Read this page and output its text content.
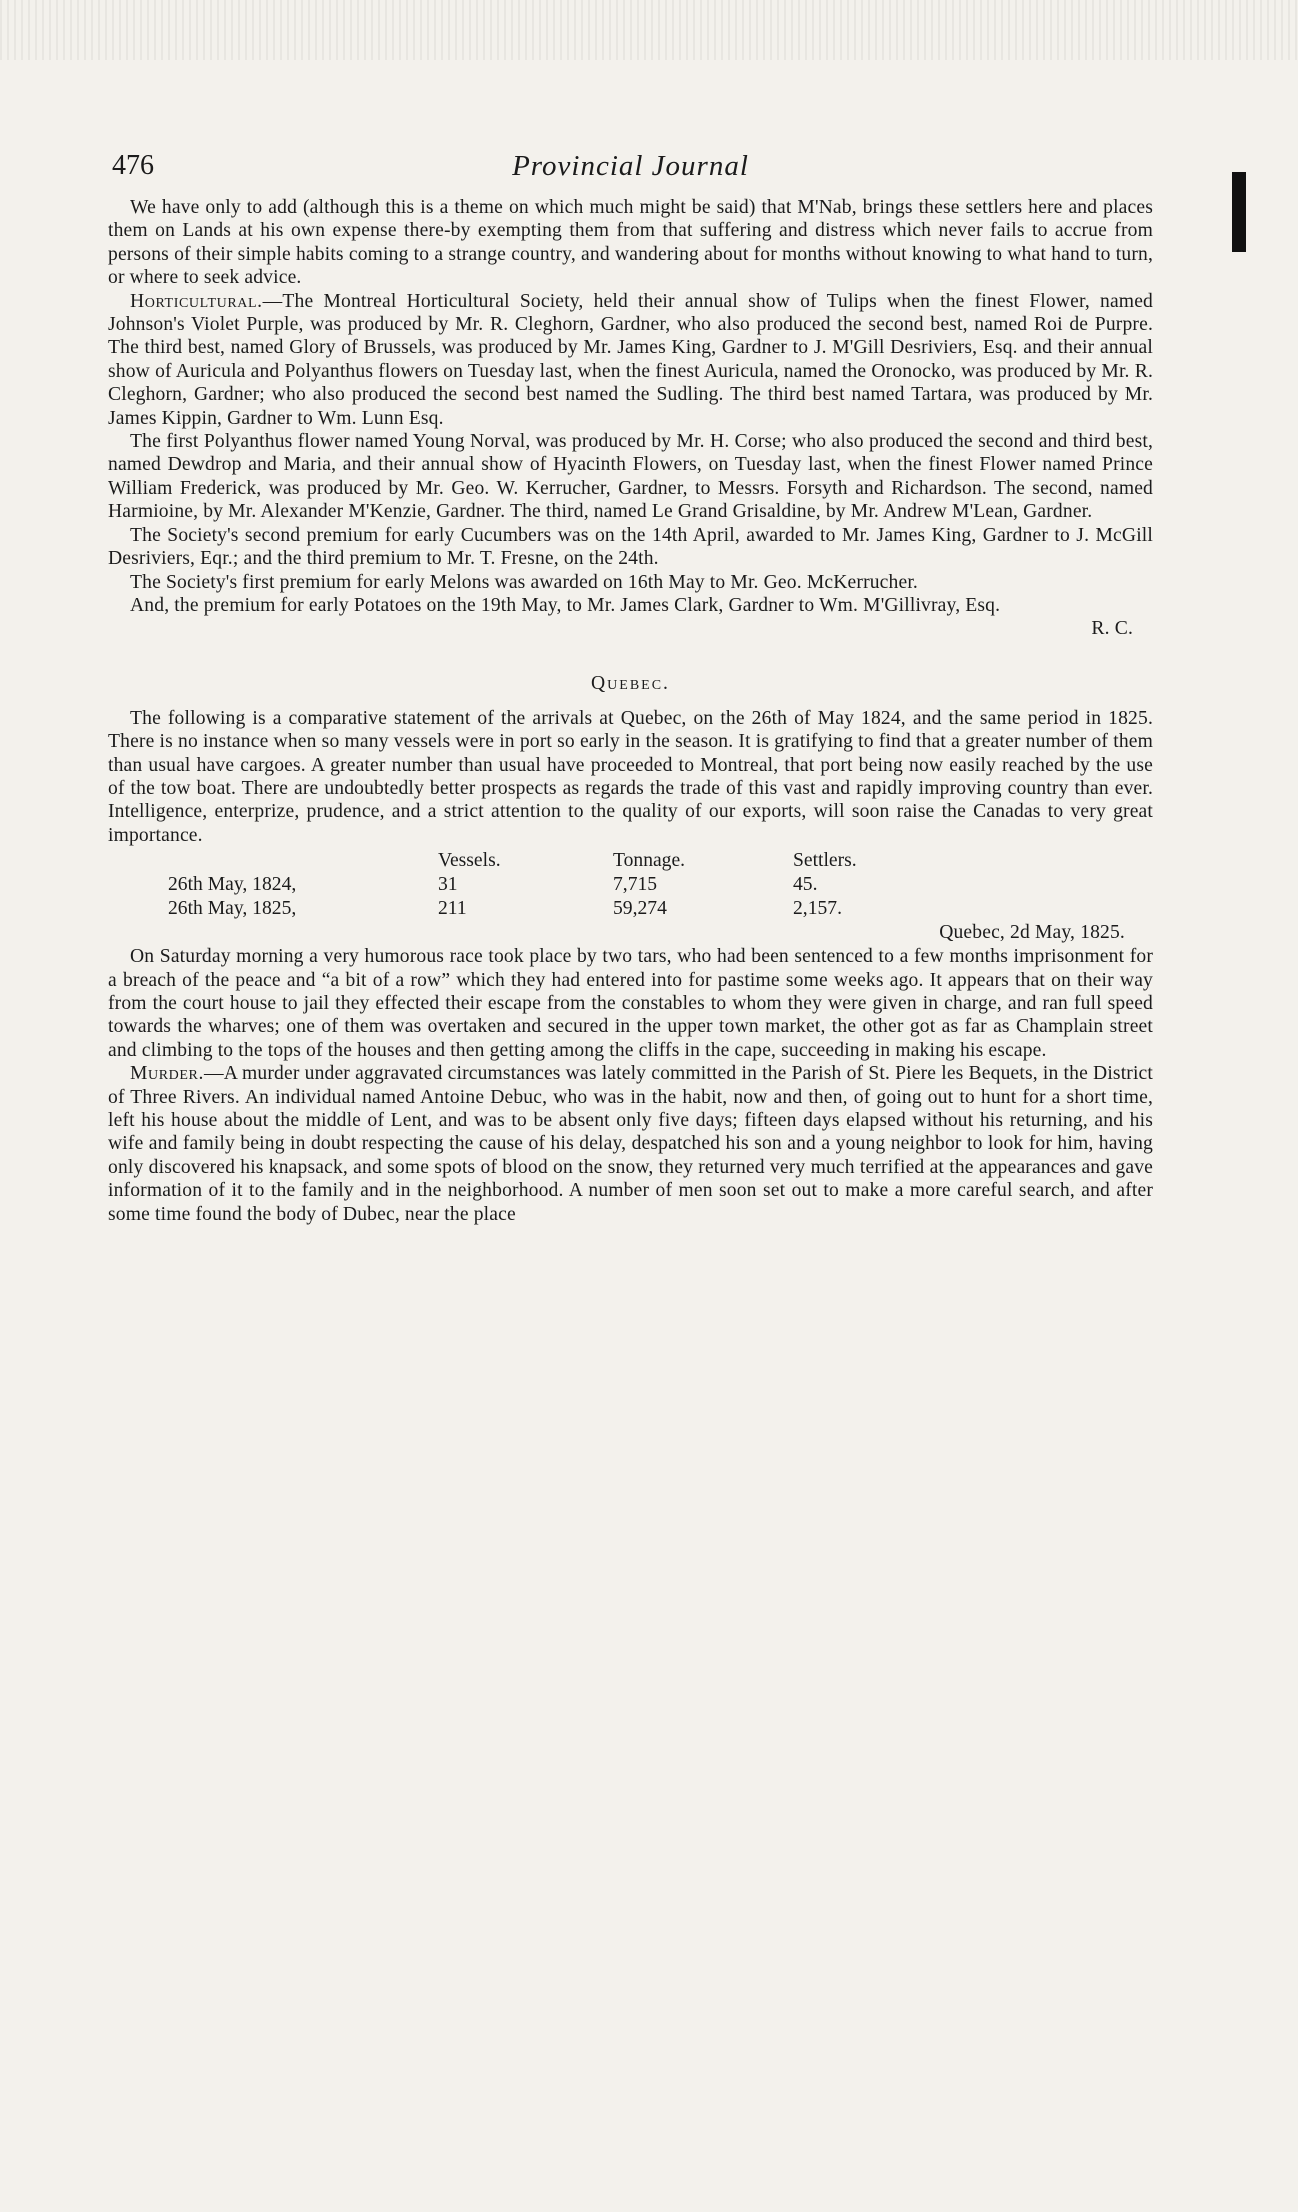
476	Provincial Journal

We have only to add (although this is a theme on which much might be said) that M'Nab, brings these settlers here and places them on Lands at his own expense there-by exempting them from that suffering and distress which never fails to accrue from persons of their simple habits coming to a strange country, and wandering about for months without knowing to what hand to turn, or where to seek advice.

Horticultural.—The Montreal Horticultural Society, held their annual show of Tulips when the finest Flower, named Johnson's Violet Purple, was produced by Mr. R. Cleghorn, Gardner, who also produced the second best, named Roi de Purpre. The third best, named Glory of Brussels, was produced by Mr. James King, Gardner to J. M'Gill Desriviers, Esq. and their annual show of Auricula and Polyanthus flowers on Tuesday last, when the finest Auricula, named the Oronocko, was produced by Mr. R. Cleghorn, Gardner; who also produced the second best named the Sudling. The third best named Tartara, was produced by Mr. James Kippin, Gardner to Wm. Lunn Esq.

The first Polyanthus flower named Young Norval, was produced by Mr. H. Corse; who also produced the second and third best, named Dewdrop and Maria, and their annual show of Hyacinth Flowers, on Tuesday last, when the finest Flower named Prince William Frederick, was produced by Mr. Geo. W. Kerrucher, Gardner, to Messrs. Forsyth and Richardson. The second, named Harmioine, by Mr. Alexander M'Kenzie, Gardner. The third, named Le Grand Grisaldine, by Mr. Andrew M'Lean, Gardner.

The Society's second premium for early Cucumbers was on the 14th April, awarded to Mr. James King, Gardner to J. McGill Desriviers, Eqr.; and the third premium to Mr. T. Fresne, on the 24th.

The Society's first premium for early Melons was awarded on 16th May to Mr. Geo. McKerrucher.

And, the premium for early Potatoes on the 19th May, to Mr. James Clark, Gardner to Wm. M'Gillivray, Esq.

R. C.

Quebec.

The following is a comparative statement of the arrivals at Quebec, on the 26th of May 1824, and the same period in 1825. There is no instance when so many vessels were in port so early in the season. It is gratifying to find that a greater number of them than usual have cargoes. A greater number than usual have proceeded to Montreal, that port being now easily reached by the use of the tow boat. There are undoubtedly better prospects as regards the trade of this vast and rapidly improving country than ever. Intelligence, enterprize, prudence, and a strict attention to the quality of our exports, will soon raise the Canadas to very great importance.

	Vessels.	Tonnage.	Settlers.
26th May, 1824,	31	7,715	45.
26th May, 1825,	211	59,274	2,157.

Quebec, 2d May, 1825.

On Saturday morning a very humorous race took place by two tars, who had been sentenced to a few months imprisonment for a breach of the peace and “a bit of a row” which they had entered into for pastime some weeks ago. It appears that on their way from the court house to jail they effected their escape from the constables to whom they were given in charge, and ran full speed towards the wharves; one of them was overtaken and secured in the upper town market, the other got as far as Champlain street and climbing to the tops of the houses and then getting among the cliffs in the cape, succeeding in making his escape.

Murder.—A murder under aggravated circumstances was lately committed in the Parish of St. Piere les Bequets, in the District of Three Rivers. An individual named Antoine Debuc, who was in the habit, now and then, of going out to hunt for a short time, left his house about the middle of Lent, and was to be absent only five days; fifteen days elapsed without his returning, and his wife and family being in doubt respecting the cause of his delay, despatched his son and a young neighbor to look for him, having only discovered his knapsack, and some spots of blood on the snow, they returned very much terrified at the appearances and gave information of it to the family and in the neighborhood. A number of men soon set out to make a more careful search, and after some time found the body of Dubec, near the place
